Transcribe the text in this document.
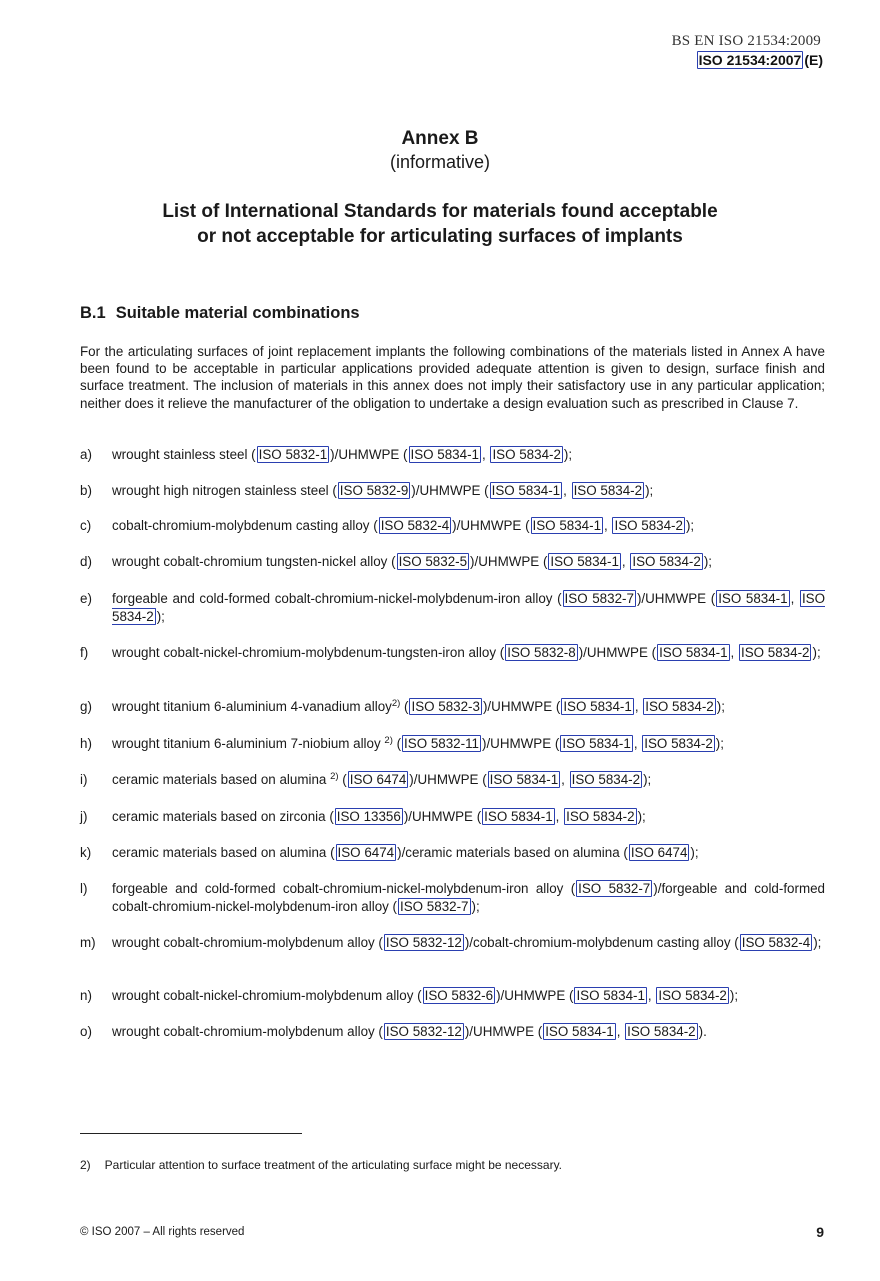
BS EN ISO 21534:2009
ISO 21534:2007 (E)
Annex B
(informative)
List of International Standards for materials found acceptable
or not acceptable for articulating surfaces of implants
B.1 Suitable material combinations
For the articulating surfaces of joint replacement implants the following combinations of the materials listed in Annex A have been found to be acceptable in particular applications provided adequate attention is given to design, surface finish and surface treatment. The inclusion of materials in this annex does not imply their satisfactory use in any particular application; neither does it relieve the manufacturer of the obligation to undertake a design evaluation such as prescribed in Clause 7.
a)	wrought stainless steel ( ISO 5832-1 )/UHMWPE ( ISO 5834-1 , ISO 5834-2 );
b)	wrought high nitrogen stainless steel ( ISO 5832-9 )/UHMWPE ( ISO 5834-1 , ISO 5834-2 );
c)	cobalt-chromium-molybdenum casting alloy ( ISO 5832-4 )/UHMWPE ( ISO 5834-1 , ISO 5834-2 );
d)	wrought cobalt-chromium tungsten-nickel alloy ( ISO 5832-5 )/UHMWPE ( ISO 5834-1 , ISO 5834-2 );
e)	forgeable and cold-formed cobalt-chromium-nickel-molybdenum-iron alloy ( ISO 5832-7 )/UHMWPE ( ISO 5834-1 , ISO 5834-2 );
f)	wrought cobalt-nickel-chromium-molybdenum-tungsten-iron alloy ( ISO 5832-8 )/UHMWPE ( ISO 5834-1 , ISO 5834-2 );
g)	wrought titanium 6-aluminium 4-vanadium alloy$^{2)}$ ( ISO 5832-3 )/UHMWPE ( ISO 5834-1 , ISO 5834-2 );
h)	wrought titanium 6-aluminium 7-niobium alloy $^{2)}$ ( ISO 5832-11 )/UHMWPE ( ISO 5834-1 , ISO 5834-2 );
i)	ceramic materials based on alumina $^{2)}$ ( ISO 6474 )/UHMWPE ( ISO 5834-1 , ISO 5834-2 );
j)	ceramic materials based on zirconia ( ISO 13356 )/UHMWPE ( ISO 5834-1 , ISO 5834-2 );
k)	ceramic materials based on alumina ( ISO 6474 )/ceramic materials based on alumina ( ISO 6474 );
l)	forgeable and cold-formed cobalt-chromium-nickel-molybdenum-iron alloy ( ISO 5832-7 )/forgeable and cold-formed cobalt-chromium-nickel-molybdenum-iron alloy ( ISO 5832-7 );
m)	wrought cobalt-chromium-molybdenum alloy ( ISO 5832-12 )/cobalt-chromium-molybdenum casting alloy ( ISO 5832-4 );
n)	wrought cobalt-nickel-chromium-molybdenum alloy ( ISO 5832-6 )/UHMWPE ( ISO 5834-1 , ISO 5834-2 );
o)	wrought cobalt-chromium-molybdenum alloy ( ISO 5832-12 )/UHMWPE ( ISO 5834-1 , ISO 5834-2 ).
2) Particular attention to surface treatment of the articulating surface might be necessary.
© ISO 2007 – All rights reserved	9
